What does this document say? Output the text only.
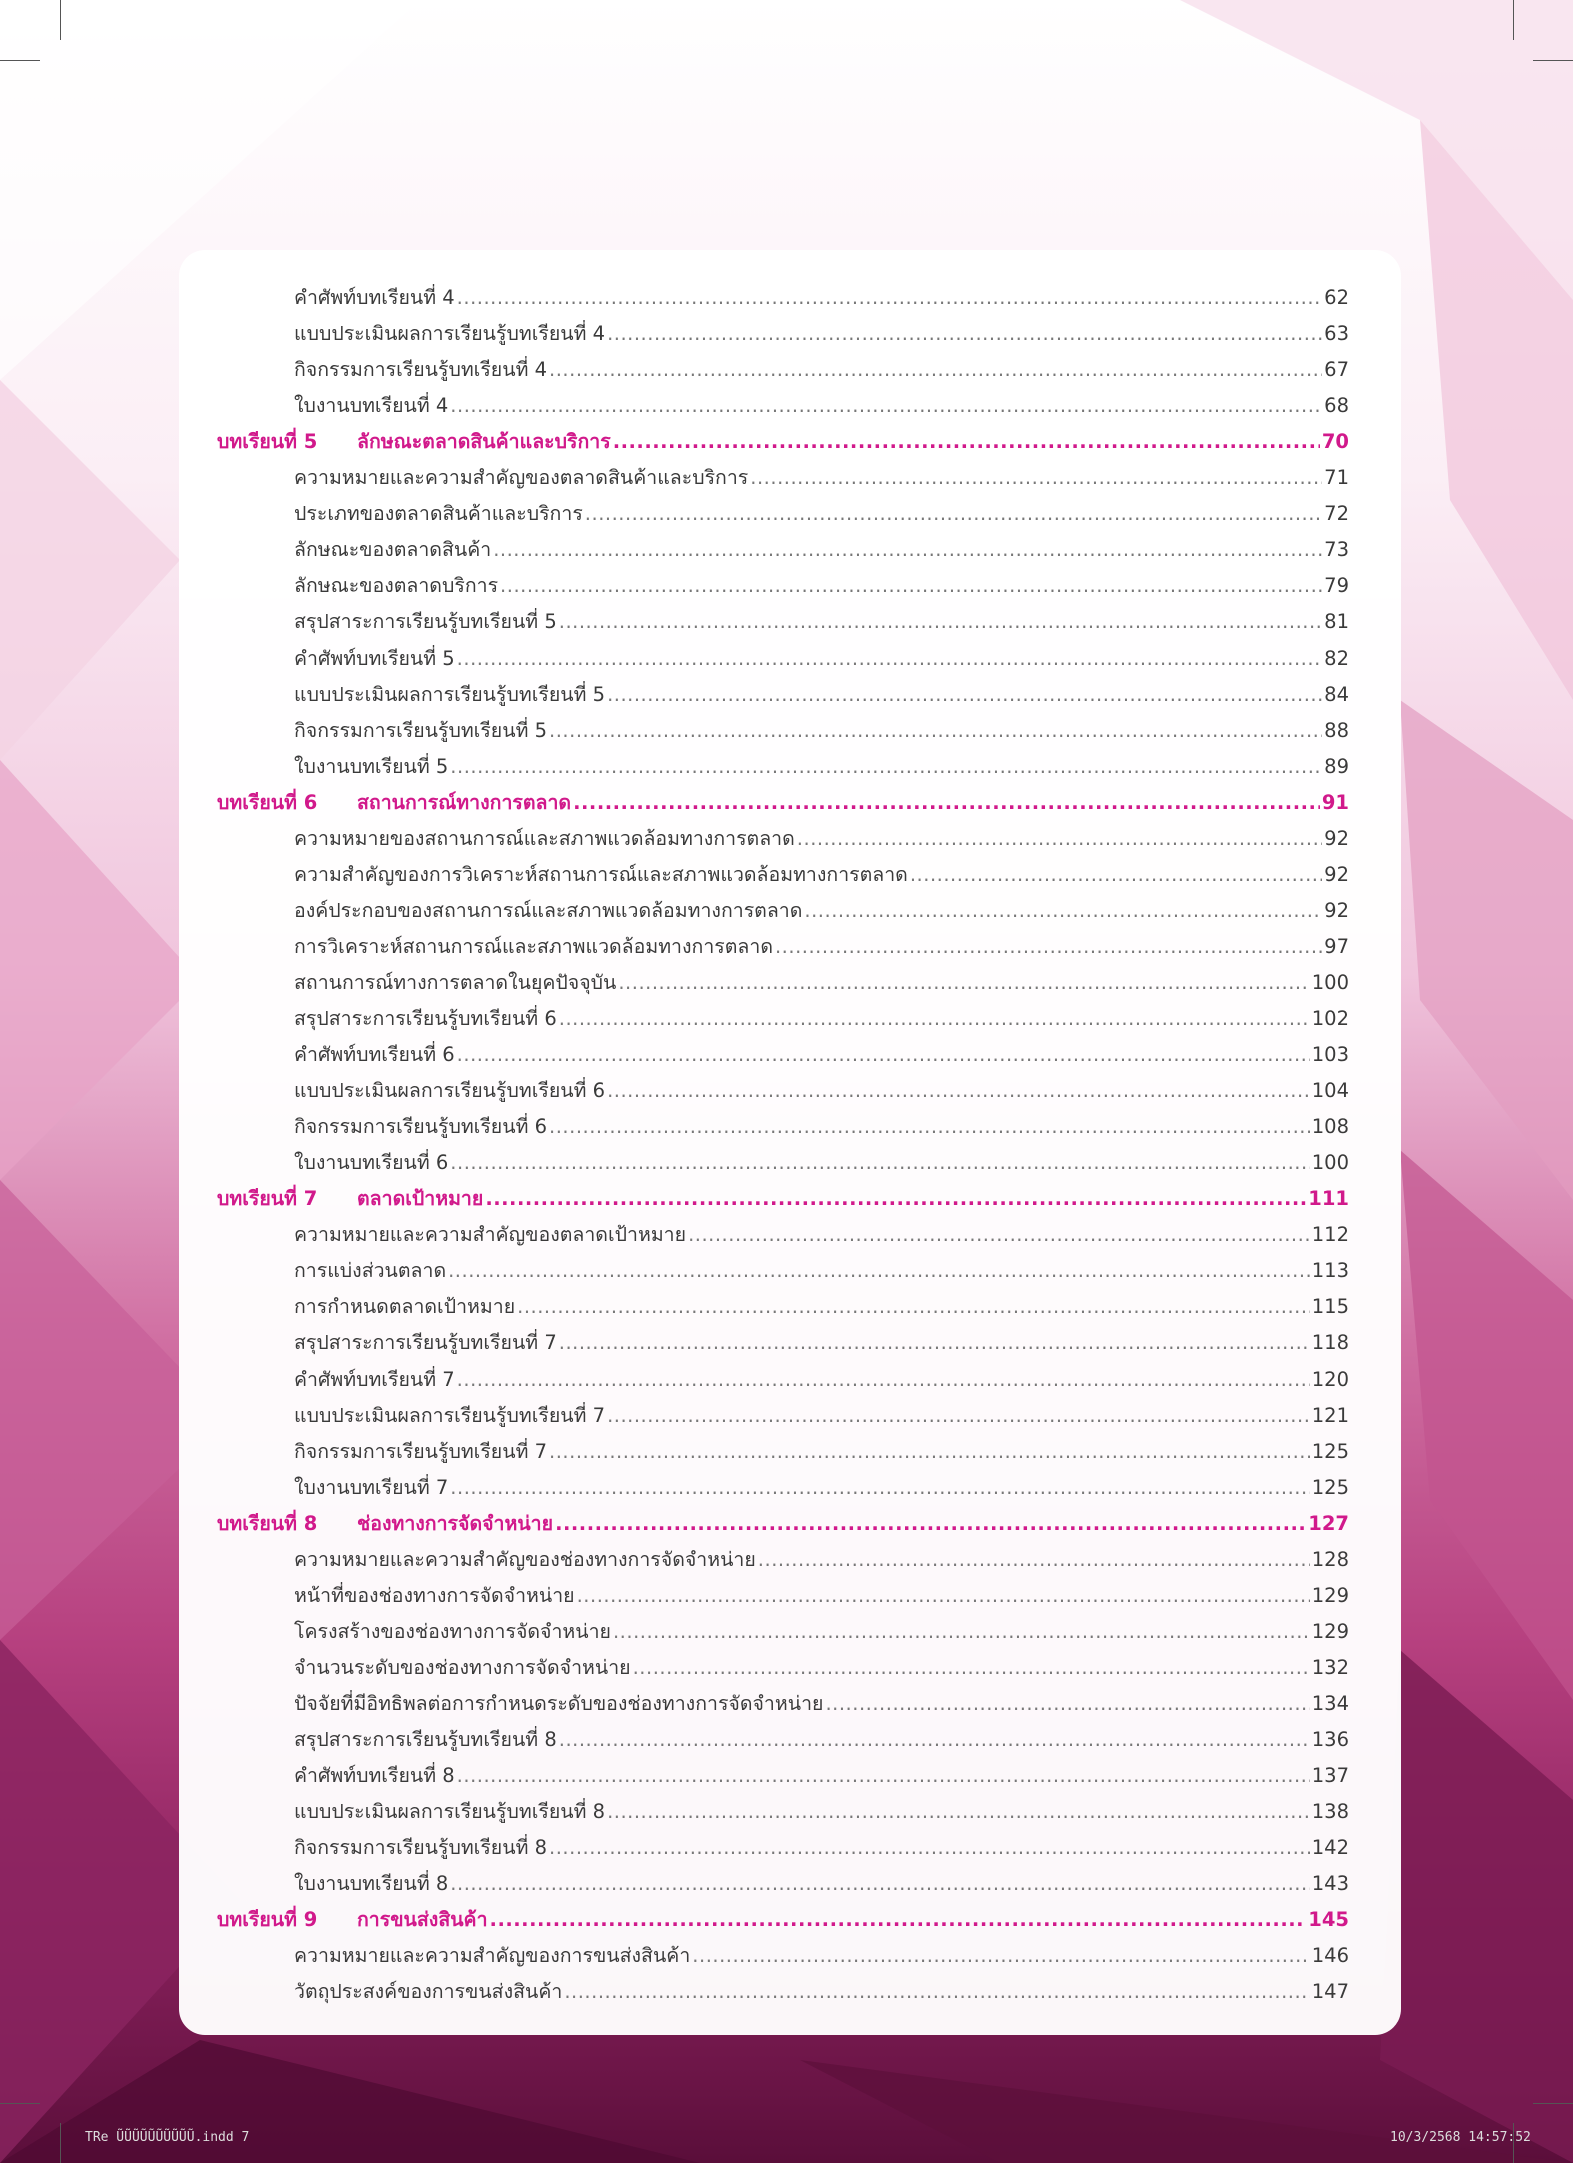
คำศัพท์บทเรียนที่ 4 .....	62
แบบประเมินผลการเรียนรู้บทเรียนที่ 4 .....	63
กิจกรรมการเรียนรู้บทเรียนที่ 4 .....	67
ใบงานบทเรียนที่ 4 .....	68
บทเรียนที่ 5	ลักษณะตลาดสินค้าและบริการ .....	70
ความหมายและความสำคัญของตลาดสินค้าและบริการ .....	71
ประเภทของตลาดสินค้าและบริการ .....	72
ลักษณะของตลาดสินค้า .....	73
ลักษณะของตลาดบริการ .....	79
สรุปสาระการเรียนรู้บทเรียนที่ 5 .....	81
คำศัพท์บทเรียนที่ 5 .....	82
แบบประเมินผลการเรียนรู้บทเรียนที่ 5 .....	84
กิจกรรมการเรียนรู้บทเรียนที่ 5 .....	88
ใบงานบทเรียนที่ 5 .....	89
บทเรียนที่ 6	สถานการณ์ทางการตลาด .....	91
ความหมายของสถานการณ์และสภาพแวดล้อมทางการตลาด .....	92
ความสำคัญของการวิเคราะห์สถานการณ์และสภาพแวดล้อมทางการตลาด .....	92
องค์ประกอบของสถานการณ์และสภาพแวดล้อมทางการตลาด .....	92
การวิเคราะห์สถานการณ์และสภาพแวดล้อมทางการตลาด .....	97
สถานการณ์ทางการตลาดในยุคปัจจุบัน .....	100
สรุปสาระการเรียนรู้บทเรียนที่ 6 .....	102
คำศัพท์บทเรียนที่ 6 .....	103
แบบประเมินผลการเรียนรู้บทเรียนที่ 6 .....	104
กิจกรรมการเรียนรู้บทเรียนที่ 6 .....	108
ใบงานบทเรียนที่ 6 .....	100
บทเรียนที่ 7	ตลาดเป้าหมาย .....	111
ความหมายและความสำคัญของตลาดเป้าหมาย .....	112
การแบ่งส่วนตลาด .....	113
การกำหนดตลาดเป้าหมาย .....	115
สรุปสาระการเรียนรู้บทเรียนที่ 7 .....	118
คำศัพท์บทเรียนที่ 7 .....	120
แบบประเมินผลการเรียนรู้บทเรียนที่ 7 .....	121
กิจกรรมการเรียนรู้บทเรียนที่ 7 .....	125
ใบงานบทเรียนที่ 7 .....	125
บทเรียนที่ 8	ช่องทางการจัดจำหน่าย .....	127
ความหมายและความสำคัญของช่องทางการจัดจำหน่าย .....	128
หน้าที่ของช่องทางการจัดจำหน่าย .....	129
โครงสร้างของช่องทางการจัดจำหน่าย .....	129
จำนวนระดับของช่องทางการจัดจำหน่าย .....	132
ปัจจัยที่มีอิทธิพลต่อการกำหนดระดับของช่องทางการจัดจำหน่าย .....	134
สรุปสาระการเรียนรู้บทเรียนที่ 8 .....	136
คำศัพท์บทเรียนที่ 8 .....	137
แบบประเมินผลการเรียนรู้บทเรียนที่ 8 .....	138
กิจกรรมการเรียนรู้บทเรียนที่ 8 .....	142
ใบงานบทเรียนที่ 8 .....	143
บทเรียนที่ 9	การขนส่งสินค้า .....	145
ความหมายและความสำคัญของการขนส่งสินค้า .....	146
วัตถุประสงค์ของการขนส่งสินค้า .....	147
TRe ŨŨŨŨŨŨŨŨŨŨ.indd 7	10/3/2568 14:57:52
